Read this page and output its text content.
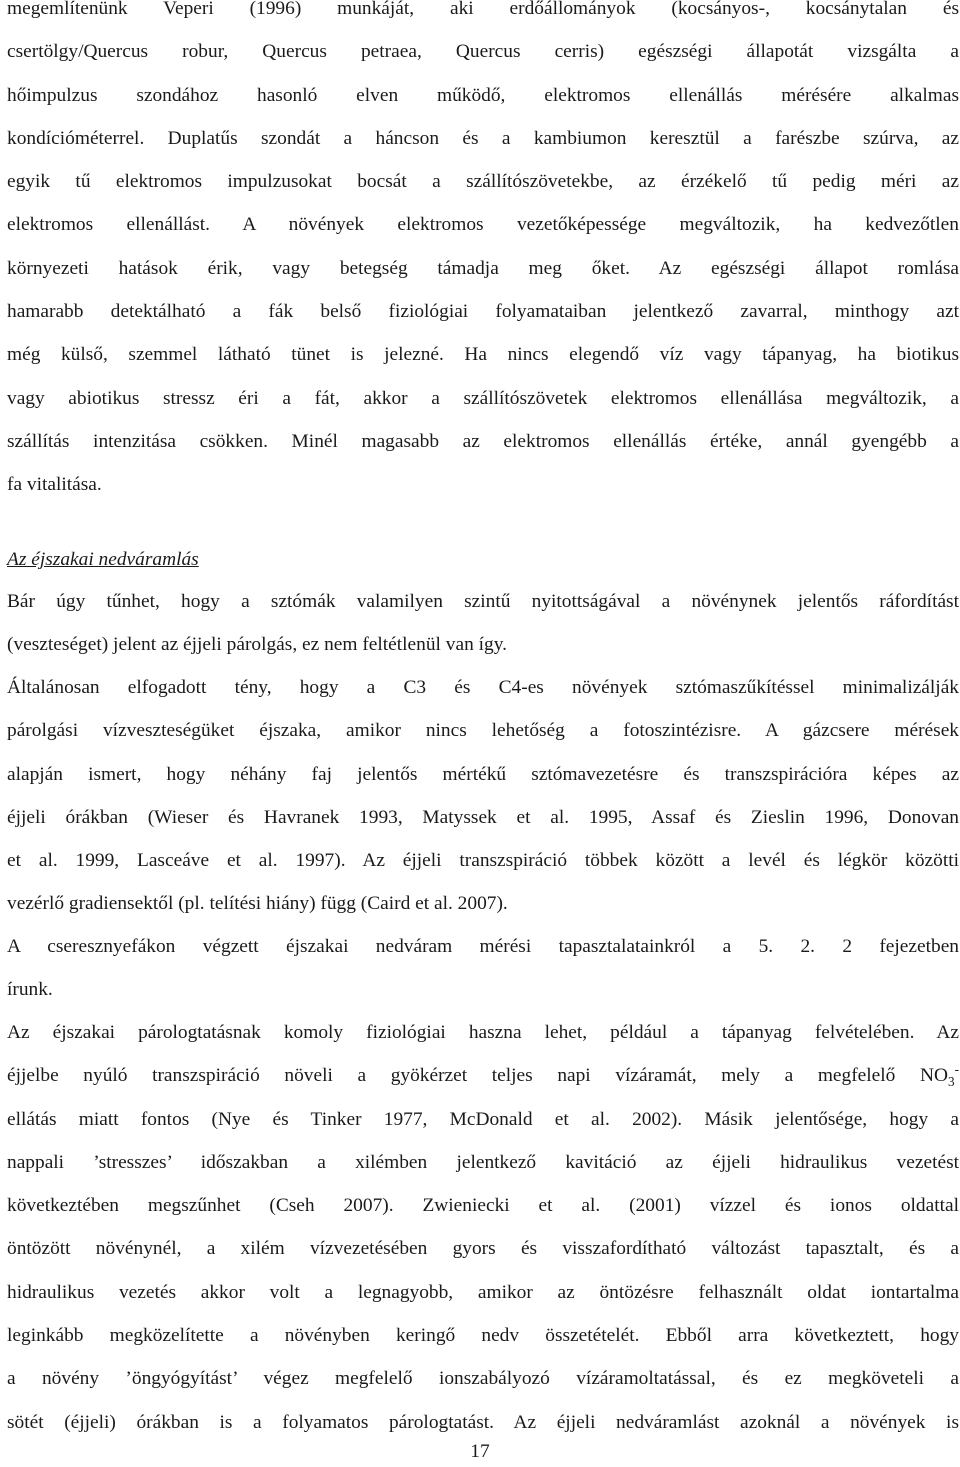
megemlítenünk Veperi (1996) munkáját, aki erdőállományok (kocsányos-, kocsánytalan és
csertölgy/Quercus robur, Quercus petraea, Quercus cerris) egészségi állapotát vizsgálta a
hőimpulzus szondához hasonló elven működő, elektromos ellenállás mérésére alkalmas
kondícióméterrel. Duplatűs szondát a háncson és a kambiumon keresztül a farészbe szúrva, az
egyik tű elektromos impulzusokat bocsát a szállítószövetekbe, az érzékelő tű pedig méri az
elektromos ellenállást. A növények elektromos vezetőképessége megváltozik, ha kedvezőtlen
környezeti hatások érik, vagy betegség támadja meg őket. Az egészségi állapot romlása
hamarabb detektálható a fák belső fiziológiai folyamataiban jelentkező zavarral, minthogy azt
még külső, szemmel látható tünet is jelezné. Ha nincs elegendő víz vagy tápanyag, ha biotikus
vagy abiotikus stressz éri a fát, akkor a szállítószövetek elektromos ellenállása megváltozik, a
szállítás intenzitása csökken. Minél magasabb az elektromos ellenállás értéke, annál gyengébb a
fa vitalitása.
Az éjszakai nedváramlás
Bár úgy tűnhet, hogy a sztómák valamilyen szintű nyitottságával a növénynek jelentős ráfordítást
(veszteséget) jelent az éjjeli párolgás, ez nem feltétlenül van így.
Általánosan elfogadott tény, hogy a C3 és C4-es növények sztómaszűkítéssel minimalizálják
párolgási vízveszteségüket éjszaka, amikor nincs lehetőség a fotoszintézisre. A gázcsere mérések
alapján ismert, hogy néhány faj jelentős mértékű sztómavezetésre és transzspirációra képes az
éjjeli órákban (Wieser és Havranek 1993, Matyssek et al. 1995, Assaf és Zieslin 1996, Donovan
et al. 1999, Lasceáve et al. 1997). Az éjjeli transzspiráció többek között a levél és légkör közötti
vezérlő gradiensektől (pl. telítési hiány) függ (Caird et al. 2007).
A cseresznyefákon végzett éjszakai nedváram mérési tapasztalatainkról a 5. 2. 2 fejezetben
írunk.
Az éjszakai párologtatásnak komoly fiziológiai haszna lehet, például a tápanyag felvételében. Az
éjjelbe nyúló transzspiráció növeli a gyökérzet teljes napi vízáramát, mely a megfelelő $NO_3^-$
ellátás miatt fontos (Nye és Tinker 1977, McDonald et al. 2002). Másik jelentősége, hogy a
nappali ’stresszes’ időszakban a xilémben jelentkező kavitáció az éjjeli hidraulikus vezetést
következtében megszűnhet (Cseh 2007). Zwieniecki et al. (2001) vízzel és ionos oldattal
öntözött növénynél, a xilém vízvezetésében gyors és visszafordítható változást tapasztalt, és a
hidraulikus vezetés akkor volt a legnagyobb, amikor az öntözésre felhasznált oldat iontartalma
leginkább megközelítette a növényben keringő nedv összetételét. Ebből arra következtett, hogy
a növény ’öngyógyítást’ végez megfelelő ionszabályozó vízáramoltatással, és ez megköveteli a
sötét (éjjeli) órákban is a folyamatos párologtatást. Az éjjeli nedváramlást azoknál a növények is
17
